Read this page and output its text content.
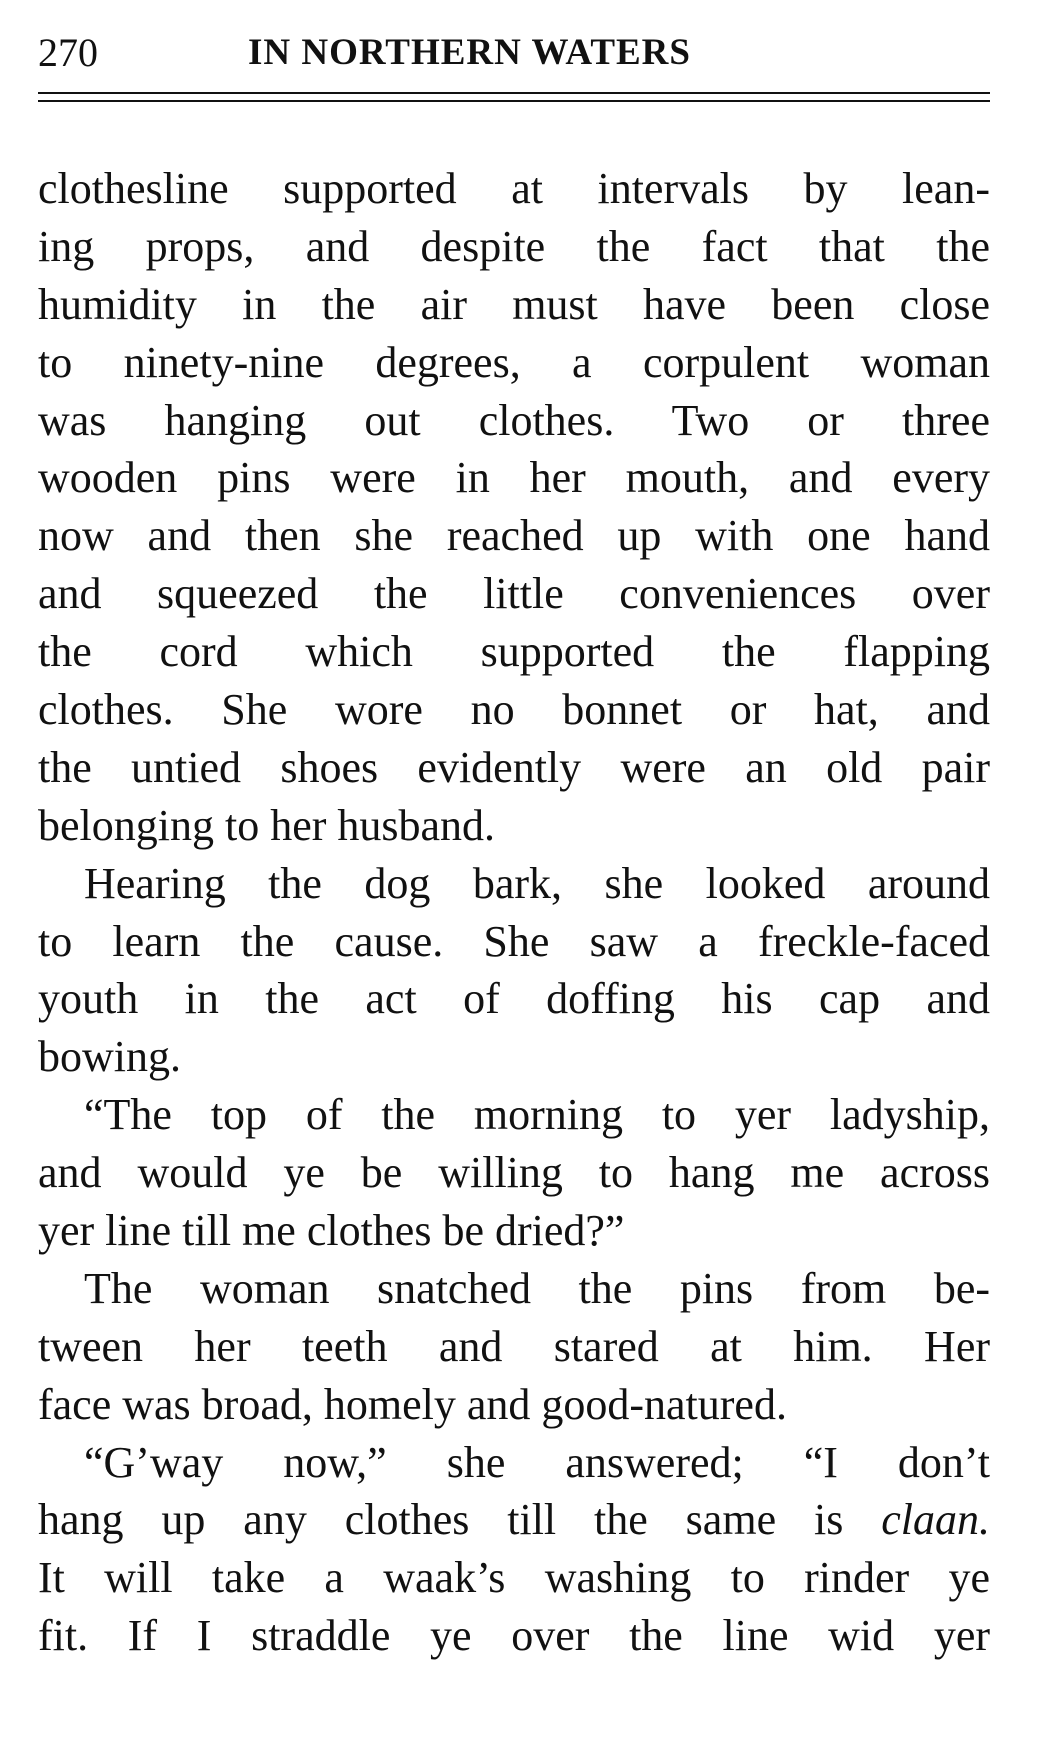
270	IN NORTHERN WATERS
clothesline supported at intervals by lean-
ing props, and despite the fact that the
humidity in the air must have been close
to ninety-nine degrees, a corpulent woman
was hanging out clothes. Two or three
wooden pins were in her mouth, and every
now and then she reached up with one hand
and squeezed the little conveniences over
the cord which supported the flapping
clothes. She wore no bonnet or hat, and
the untied shoes evidently were an old pair
belonging to her husband.
Hearing the dog bark, she looked around
to learn the cause. She saw a freckle-faced
youth in the act of doffing his cap and
bowing.
“The top of the morning to yer ladyship,
and would ye be willing to hang me across
yer line till me clothes be dried?”
The woman snatched the pins from be-
tween her teeth and stared at him. Her
face was broad, homely and good-natured.
“G’way now,” she answered; “I don’t
hang up any clothes till the same is claan.
It will take a waak’s washing to rinder ye
fit. If I straddle ye over the line wid yer
